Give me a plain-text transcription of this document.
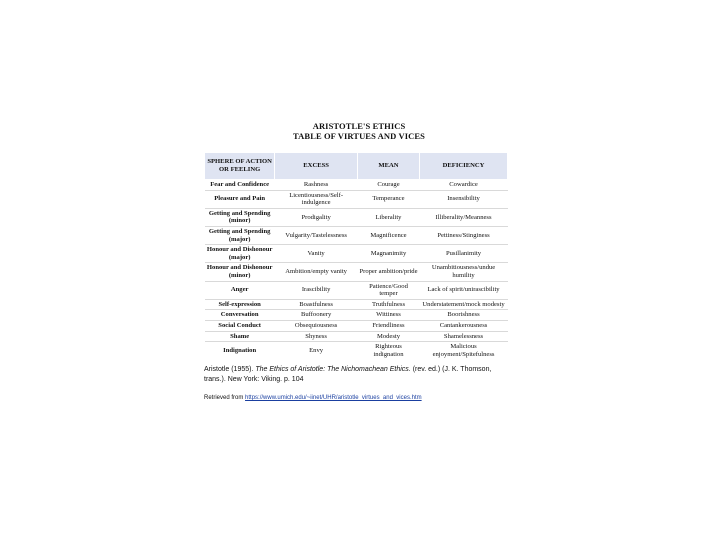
ARISTOTLE'S ETHICS
TABLE OF VIRTUES AND VICES
SPHERE OF ACTION OR FEELING	EXCESS	MEAN	DEFICIENCY
Fear and Confidence	Rashness	Courage	Cowardice
Pleasure and Pain	Licentiousness/Self-indulgence	Temperance	Insensibility
Getting and Spending (minor)	Prodigality	Liberality	Illiberality/Meanness
Getting and Spending (major)	Vulgarity/Tastelessness	Magnificence	Pettiness/Stinginess
Honour and Dishonour (major)	Vanity	Magnanimity	Pusillanimity
Honour and Dishonour (minor)	Ambition/empty vanity	Proper ambition/pride	Unambitiousness/undue humility
Anger	Irascibility	Patience/Good temper	Lack of spirit/unirascibility
Self-expression	Boastfulness	Truthfulness	Understatement/mock modesty
Conversation	Buffoonery	Wittiness	Boorishness
Social Conduct	Obsequiousness	Friendliness	Cantankerousness
Shame	Shyness	Modesty	Shamelessness
Indignation	Envy	Righteous indignation	Malicious enjoyment/Spitefulness
Aristotle (1955). The Ethics of Aristotle: The Nichomachean Ethics. (rev. ed.) (J. K. Thomson, trans.). New York: Viking. p. 104
Retrieved from https://www.umich.edu/~iinet/UHR/aristotle_virtues_and_vices.htm
